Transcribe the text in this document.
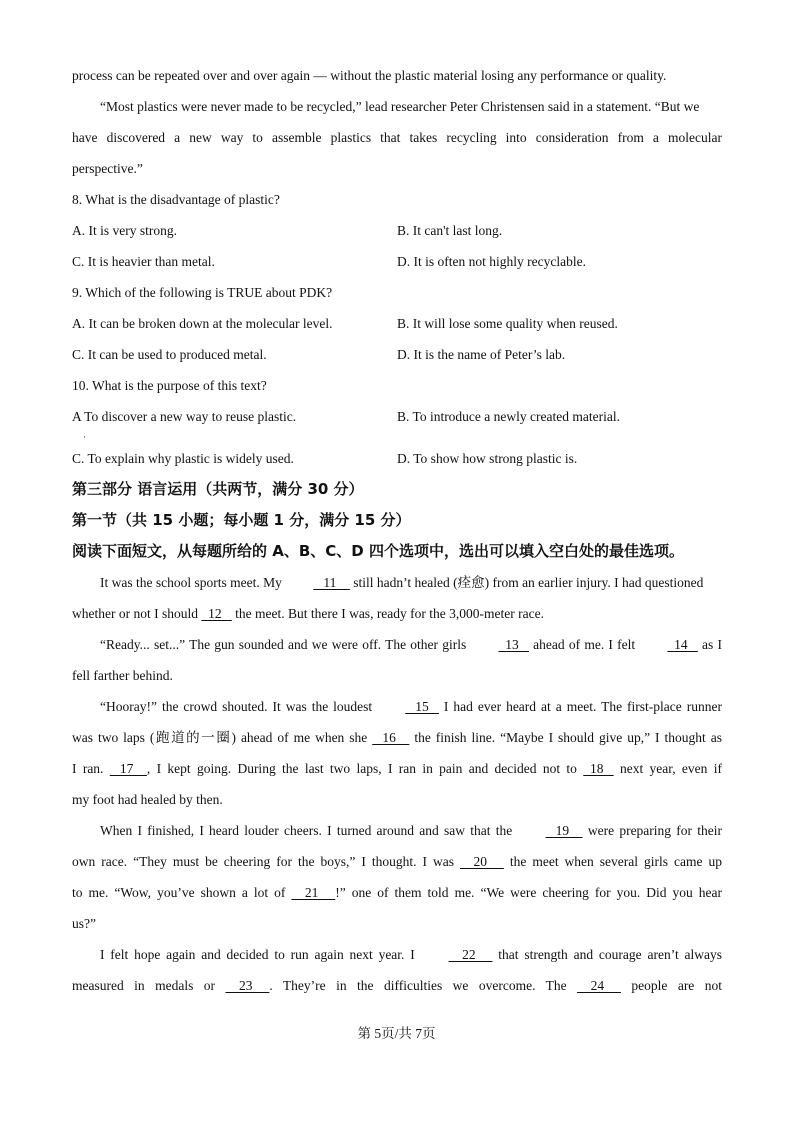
process can be repeated over and over again — without the plastic material losing any performance or quality.
“Most plastics were never made to be recycled,” lead researcher Peter Christensen said in a statement. “But we
have discovered a new way to assemble plastics that takes recycling into consideration from a molecular
perspective.”
8. What is the disadvantage of plastic?
A. It is very strong.	B. It can't last long.
C. It is heavier than metal.	D. It is often not highly recyclable.
9. Which of the following is TRUE about PDK?
A. It can be broken down at the molecular level.	B. It will lose some quality when reused.
C. It can be used to produced metal.	D. It is the name of Peter’s lab.
10. What is the purpose of this text?
A To discover a new way to reuse plastic.	B. To introduce a newly created material.
C. To explain why plastic is widely used.	D. To show how strong plastic is.
第三部分 语言运用（共两节，满分 30 分）
第一节（共 15 小题；每小题 1 分，满分 15 分）
阅读下面短文，从每题所给的 A、B、C、D 四个选项中，选出可以填入空白处的最佳选项。
It was the school sports meet. My    11     still hadn’t healed (痊愈) from an earlier injury. I had questioned
whether or not I should   12    the meet. But there I was, ready for the 3,000-meter race.
“Ready... set...” The gun sounded and we were off. The other girls   13    ahead of me. I felt   14    as I
fell farther behind.
“Hooray!” the crowd shouted. It was the loudest    15    I had ever heard at a meet. The first-place runner
was two laps (跑道的一圈) ahead of me when she    16     the finish line. “Maybe I should give up,” I thought as
I ran.    17    , I kept going. During the last two laps, I ran in pain and decided not to   18    next year, even if
my foot had healed by then.
When I finished, I heard louder cheers. I turned around and saw that the    19     were preparing for their
own race. “They must be cheering for the boys,” I thought. I was     20      the meet when several girls came up
to me. “Wow, you’ve shown a lot of     21     !” one of them told me. “We were cheering for you. Did you hear
us?”
I felt hope again and decided to run again next year. I     22      that strength and courage aren’t always
measured in medals or     23     . They’re in the difficulties we overcome. The     24      people are not
·
第 5页/共 7页
